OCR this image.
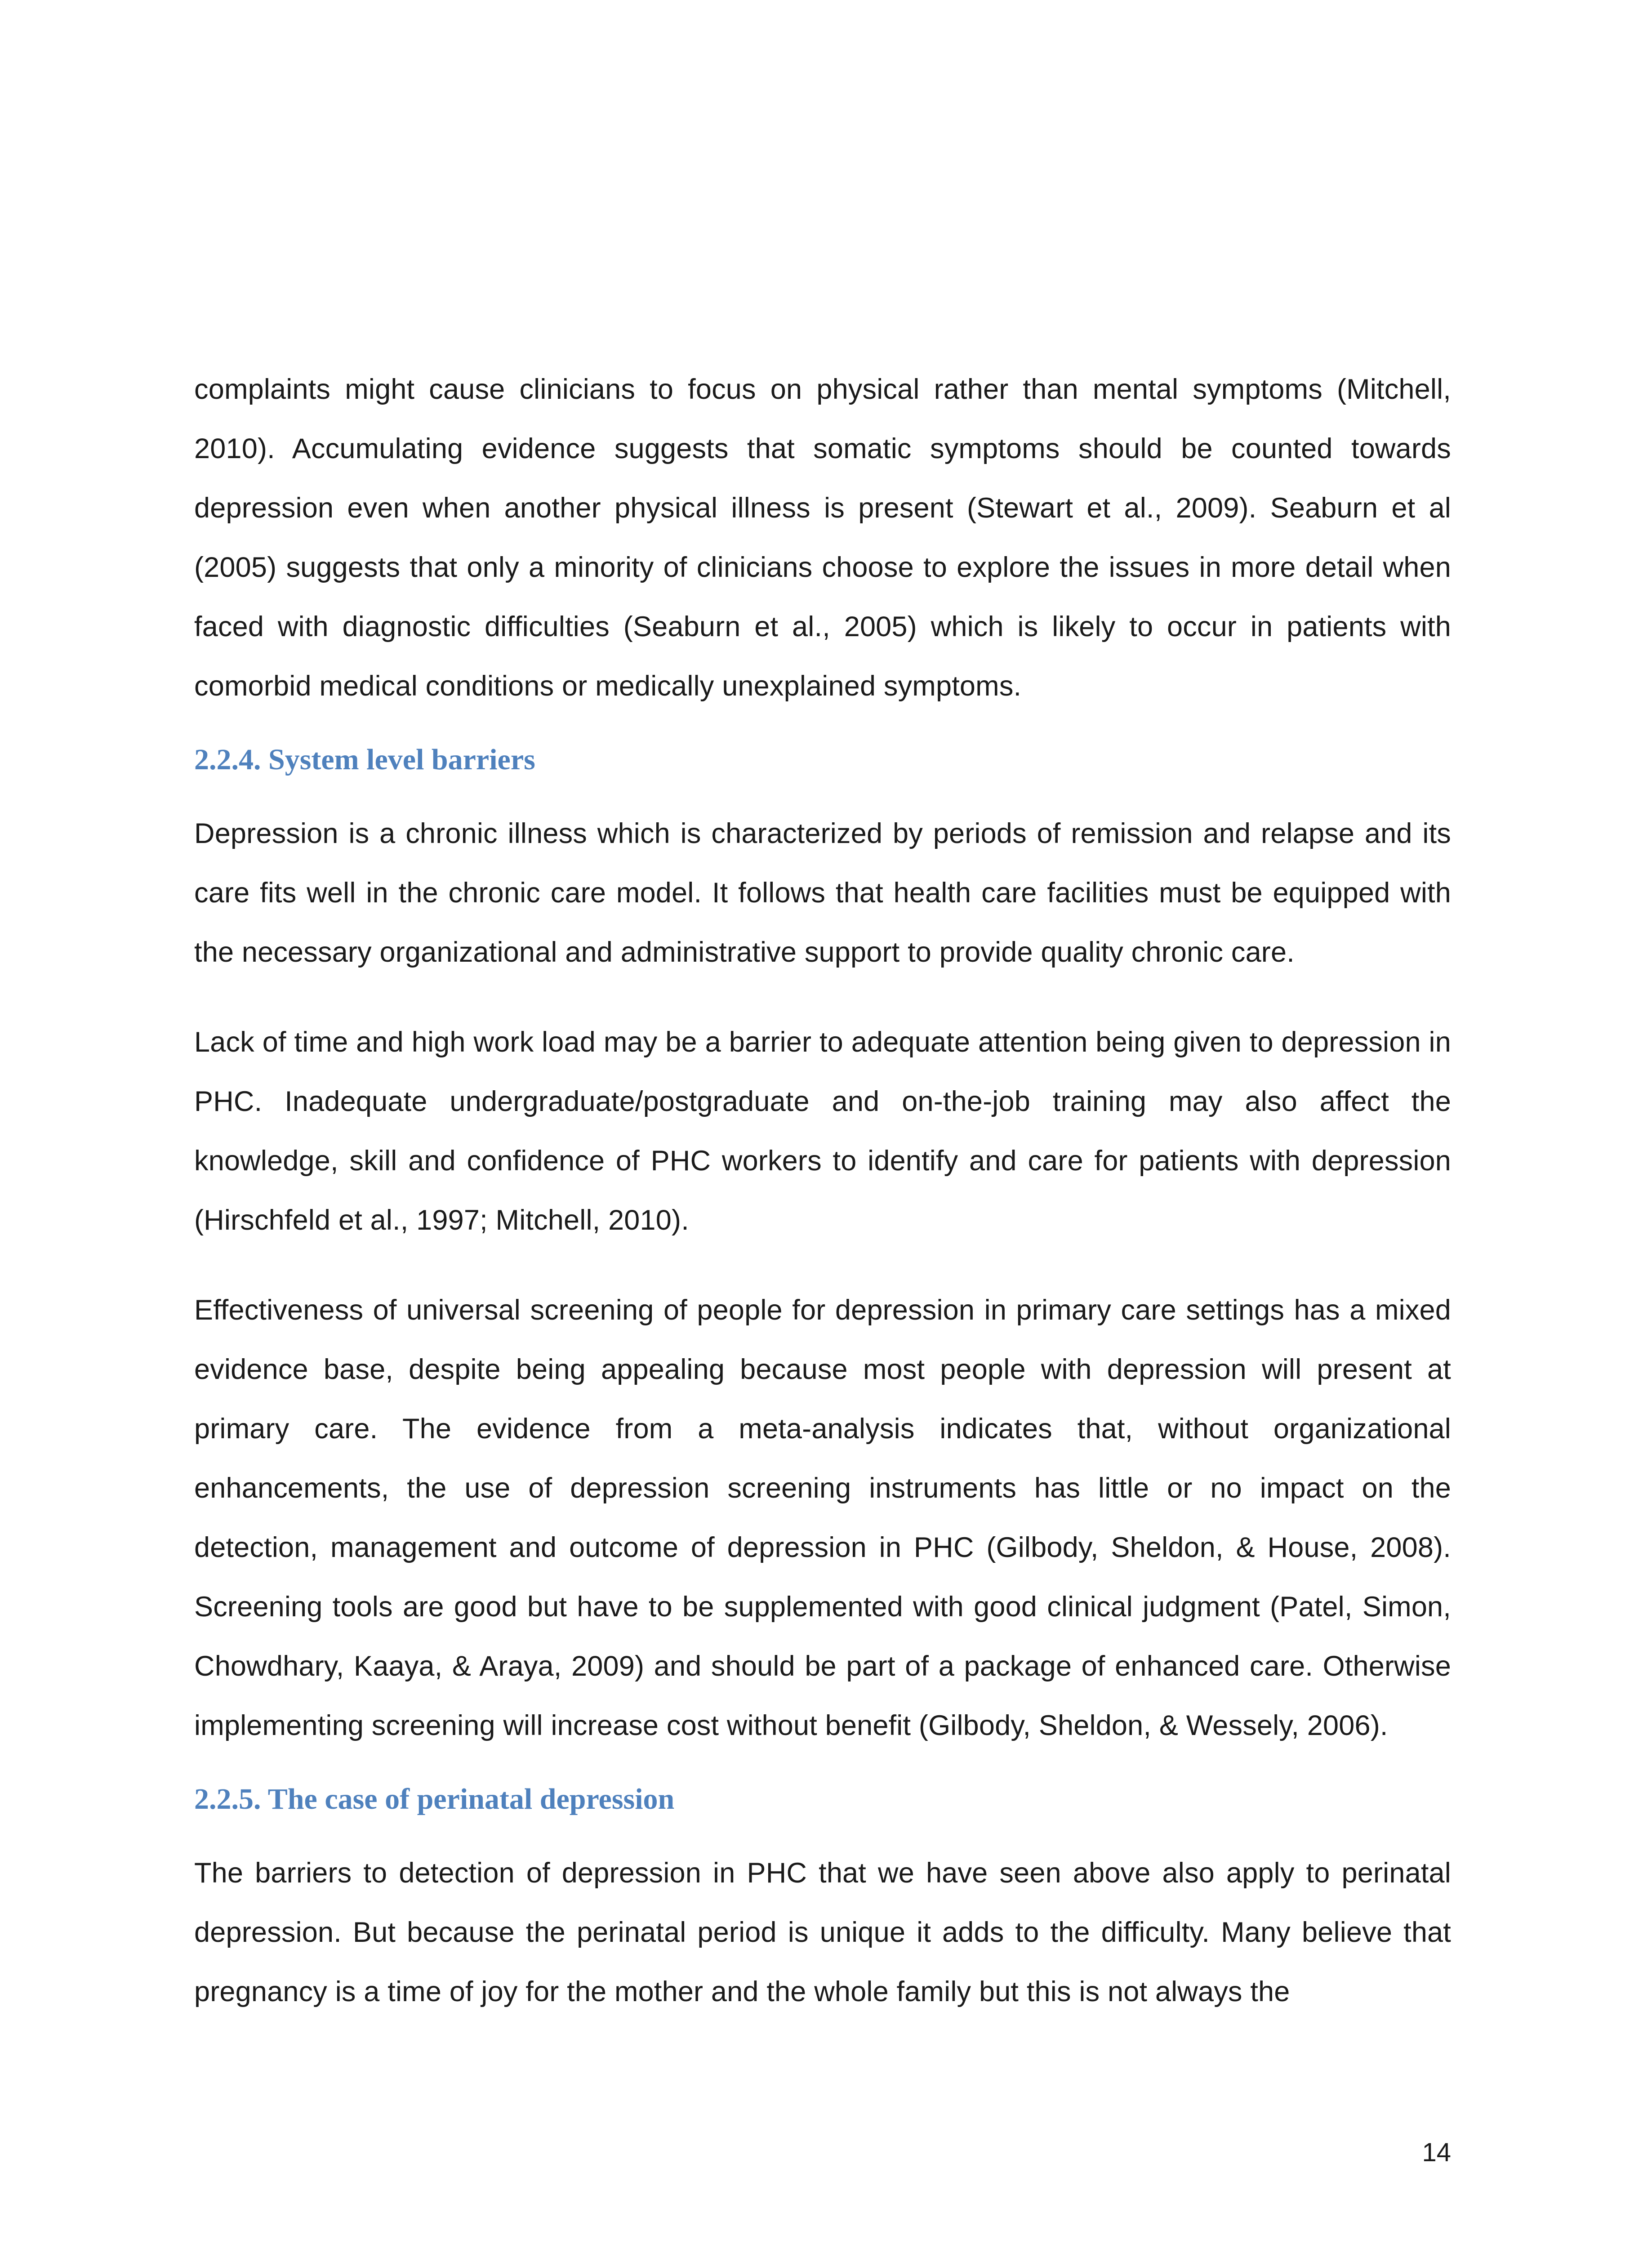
complaints might cause clinicians to focus on physical rather than mental symptoms (Mitchell, 2010). Accumulating evidence suggests that somatic symptoms should be counted towards depression even when another physical illness is present (Stewart et al., 2009). Seaburn et al (2005) suggests that only a minority of clinicians choose to explore the issues in more detail when faced with diagnostic difficulties (Seaburn et al., 2005) which is likely to occur in patients with comorbid medical conditions or medically unexplained symptoms.

2.2.4. System level barriers

Depression is a chronic illness which is characterized by periods of remission and relapse and its care fits well in the chronic care model. It follows that health care facilities must be equipped with the necessary organizational and administrative support to provide quality chronic care.

Lack of time and high work load may be a barrier to adequate attention being given to depression in PHC. Inadequate undergraduate/postgraduate and on-the-job training may also affect the knowledge, skill and confidence of PHC workers to identify and care for patients with depression (Hirschfeld et al., 1997; Mitchell, 2010).

Effectiveness of universal screening of people for depression in primary care settings has a mixed evidence base, despite being appealing because most people with depression will present at primary care. The evidence from a meta-analysis indicates that, without organizational enhancements, the use of depression screening instruments has little or no impact on the detection, management and outcome of depression in PHC (Gilbody, Sheldon, & House, 2008). Screening tools are good but have to be supplemented with good clinical judgment (Patel, Simon, Chowdhary, Kaaya, & Araya, 2009) and should be part of a package of enhanced care. Otherwise implementing screening will increase cost without benefit (Gilbody, Sheldon, & Wessely, 2006).

2.2.5. The case of perinatal depression

The barriers to detection of depression in PHC that we have seen above also apply to perinatal depression. But because the perinatal period is unique it adds to the difficulty. Many believe that pregnancy is a time of joy for the mother and the whole family but this is not always the

14
